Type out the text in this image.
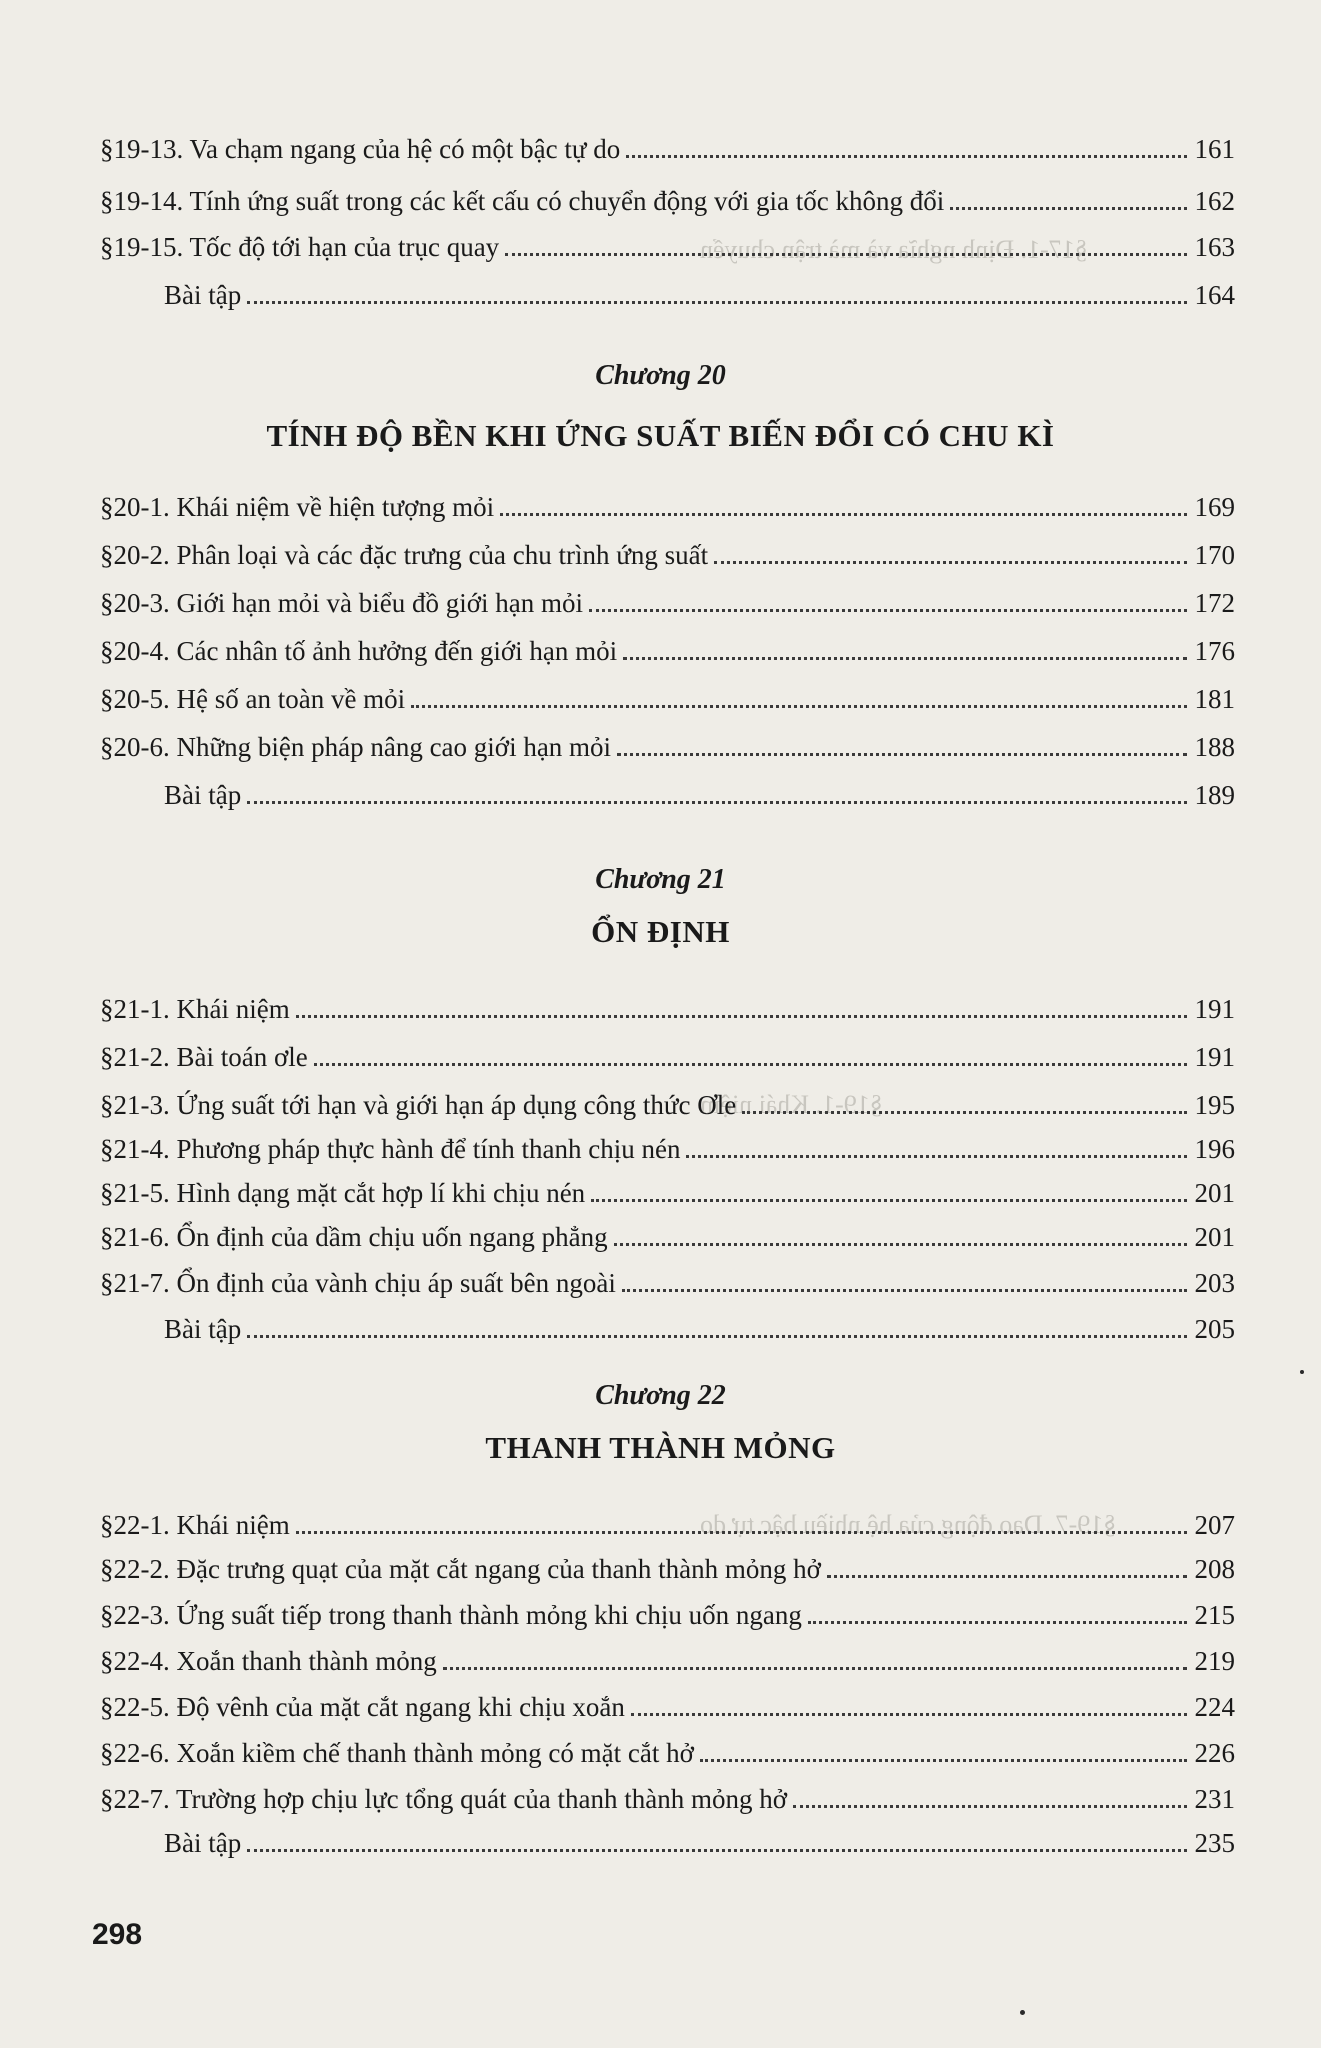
§17-1. Định nghĩa và mà trận chuyển
§19-1. Khái niệm
§19-7. Dao động của hệ nhiều bậc tự do
§19-13. Va chạm ngang của hệ có một bậc tự do	161
§19-14. Tính ứng suất trong các kết cấu có chuyển động với gia tốc không đổi	162
§19-15. Tốc độ tới hạn của trục quay	163
Bài tập	164
Chương 20
TÍNH ĐỘ BỀN KHI ỨNG SUẤT BIẾN ĐỔI CÓ CHU KÌ
§20-1. Khái niệm về hiện tượng mỏi	169
§20-2. Phân loại và các đặc trưng của chu trình ứng suất	170
§20-3. Giới hạn mỏi và biểu đồ giới hạn mỏi	172
§20-4. Các nhân tố ảnh hưởng đến giới hạn mỏi	176
§20-5. Hệ số an toàn về mỏi	181
§20-6. Những biện pháp nâng cao giới hạn mỏi	188
Bài tập	189
Chương 21
ỔN ĐỊNH
§21-1. Khái niệm	191
§21-2. Bài toán ơle	191
§21-3. Ứng suất tới hạn và giới hạn áp dụng công thức Ơle	195
§21-4. Phương pháp thực hành để tính thanh chịu nén	196
§21-5. Hình dạng mặt cắt hợp lí khi chịu nén	201
§21-6. Ổn định của dầm chịu uốn ngang phẳng	201
§21-7. Ổn định của vành chịu áp suất bên ngoài	203
Bài tập	205
Chương 22
THANH THÀNH MỎNG
§22-1. Khái niệm	207
§22-2. Đặc trưng quạt của mặt cắt ngang của thanh thành mỏng hở	208
§22-3. Ứng suất tiếp trong thanh thành mỏng khi chịu uốn ngang	215
§22-4. Xoắn thanh thành mỏng	219
§22-5. Độ vênh của mặt cắt ngang khi chịu xoắn	224
§22-6. Xoắn kiềm chế thanh thành mỏng có mặt cắt hở	226
§22-7. Trường hợp chịu lực tổng quát của thanh thành mỏng hở	231
Bài tập	235
298
